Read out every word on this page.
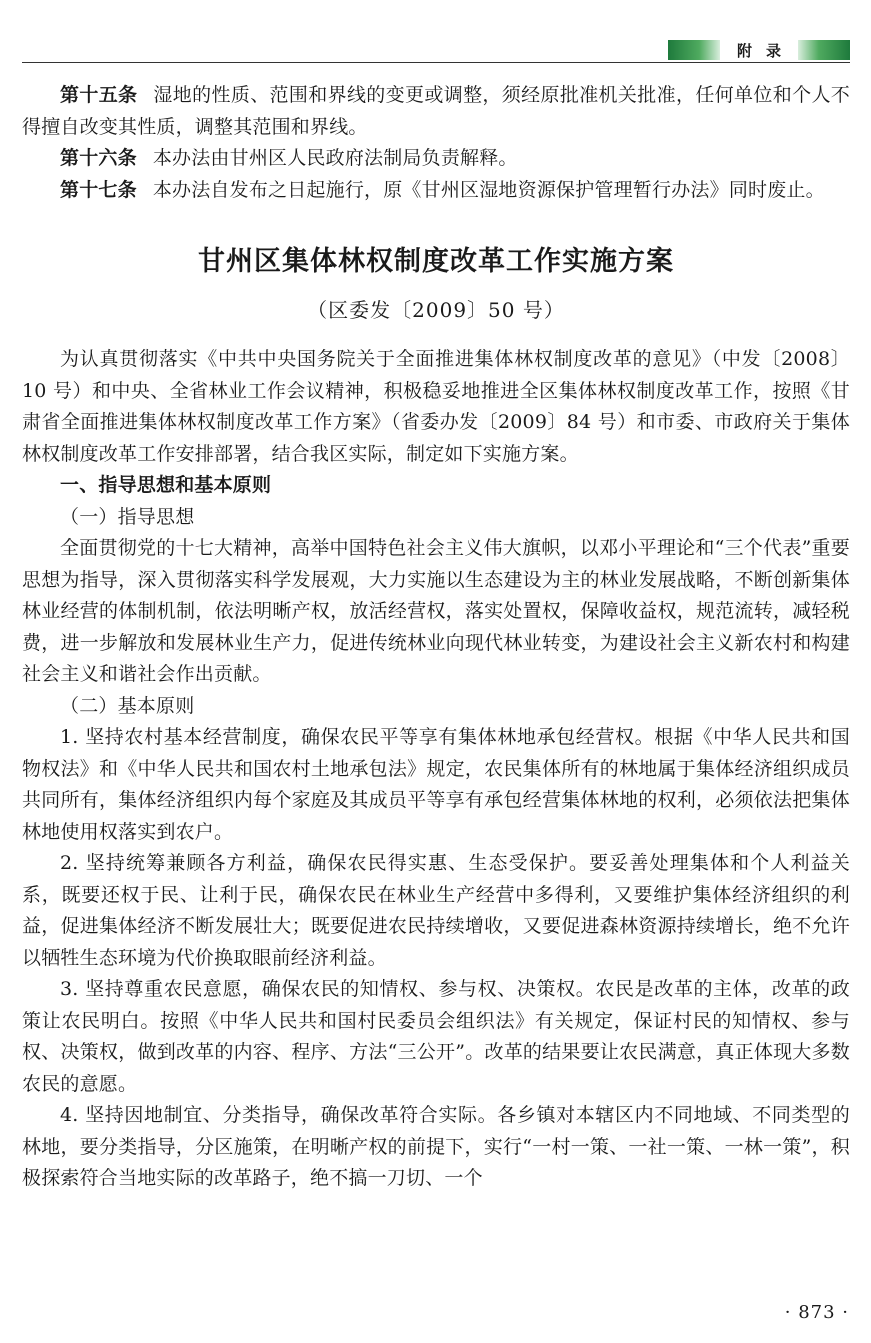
附录

第十五条 湿地的性质、范围和界线的变更或调整，须经原批准机关批准，任何单位和个人不得擅自改变其性质，调整其范围和界线。

第十六条 本办法由甘州区人民政府法制局负责解释。

第十七条 本办法自发布之日起施行，原《甘州区湿地资源保护管理暂行办法》同时废止。

甘州区集体林权制度改革工作实施方案
（区委发〔2009〕50 号）

为认真贯彻落实《中共中央国务院关于全面推进集体林权制度改革的意见》（中发〔2008〕10 号）和中央、全省林业工作会议精神，积极稳妥地推进全区集体林权制度改革工作，按照《甘肃省全面推进集体林权制度改革工作方案》（省委办发〔2009〕84 号）和市委、市政府关于集体林权制度改革工作安排部署，结合我区实际，制定如下实施方案。

一、指导思想和基本原则

（一）指导思想

全面贯彻党的十七大精神，高举中国特色社会主义伟大旗帜，以邓小平理论和“三个代表”重要思想为指导，深入贯彻落实科学发展观，大力实施以生态建设为主的林业发展战略，不断创新集体林业经营的体制机制，依法明晰产权，放活经营权，落实处置权，保障收益权，规范流转，减轻税费，进一步解放和发展林业生产力，促进传统林业向现代林业转变，为建设社会主义新农村和构建社会主义和谐社会作出贡献。

（二）基本原则

1. 坚持农村基本经营制度，确保农民平等享有集体林地承包经营权。根据《中华人民共和国物权法》和《中华人民共和国农村土地承包法》规定，农民集体所有的林地属于集体经济组织成员共同所有，集体经济组织内每个家庭及其成员平等享有承包经营集体林地的权利，必须依法把集体林地使用权落实到农户。

2. 坚持统筹兼顾各方利益，确保农民得实惠、生态受保护。要妥善处理集体和个人利益关系，既要还权于民、让利于民，确保农民在林业生产经营中多得利，又要维护集体经济组织的利益，促进集体经济不断发展壮大；既要促进农民持续增收，又要促进森林资源持续增长，绝不允许以牺牲生态环境为代价换取眼前经济利益。

3. 坚持尊重农民意愿，确保农民的知情权、参与权、决策权。农民是改革的主体，改革的政策让农民明白。按照《中华人民共和国村民委员会组织法》有关规定，保证村民的知情权、参与权、决策权，做到改革的内容、程序、方法“三公开”。改革的结果要让农民满意，真正体现大多数农民的意愿。

4. 坚持因地制宜、分类指导，确保改革符合实际。各乡镇对本辖区内不同地域、不同类型的林地，要分类指导，分区施策，在明晰产权的前提下，实行“一村一策、一社一策、一林一策”，积极探索符合当地实际的改革路子，绝不搞一刀切、一个

· 873 ·
